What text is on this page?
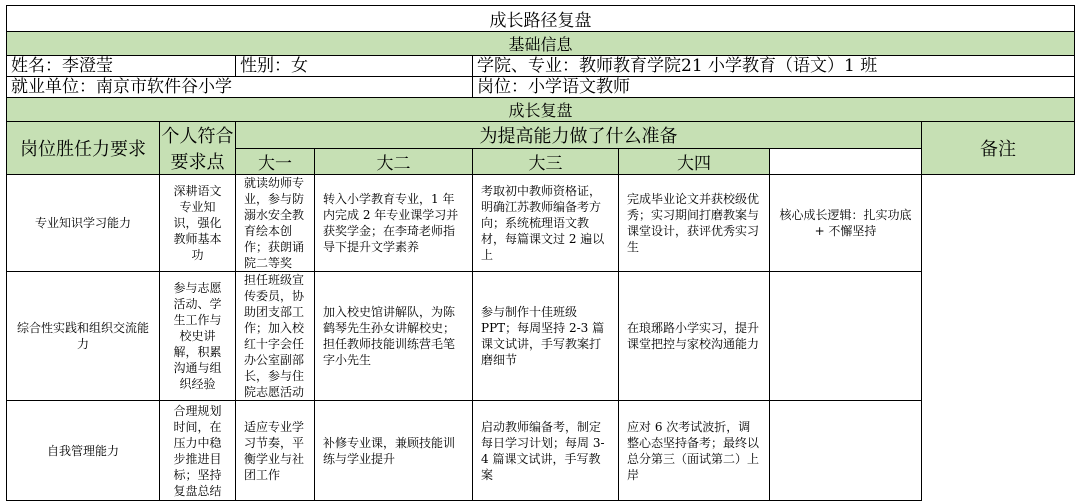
成长路径复盘							
基础信息							
姓名：李澄莹		性别：女		学院、专业：教师教育学院21 小学教育（语文）1 班			
就业单位：南京市软件谷小学				岗位：小学语文教师			
成长复盘							
岗位胜任力要求	个人符合要求点	为提高能力做了什么准备					备注
		大一	大二	大三	大四		

专业知识学习能力	深耕语文专业知识，强化教师基本功	就读幼师专业，参与防溺水安全教育绘本创作；获朗诵院二等奖	转入小学教育专业，1 年内完成 2 年专业课学习并获奖学金；在李琦老师指导下提升文学素养	考取初中教师资格证，明确江苏教师编备考方向；系统梳理语文教材，每篇课文过 2 遍以上	完成毕业论文并获校级优秀；实习期间打磨教案与课堂设计，获评优秀实习生	核心成长逻辑：扎实功底 + 不懈坚持	

综合性实践和组织交流能力	参与志愿活动、学生工作与校史讲解，积累沟通与组织经验	担任班级宣传委员，协助团支部工作；加入校红十字会任办公室副部长，参与住院志愿活动	加入校史馆讲解队，为陈鹤琴先生孙女讲解校史；担任教师技能训练营毛笔字小先生	参与制作十佳班级 PPT；每周坚持 2-3 篇课文试讲，手写教案打磨细节	在琅琊路小学实习，提升课堂把控与家校沟通能力		

自我管理能力	合理规划时间，在压力中稳步推进目标；坚持复盘总结	适应专业学习节奏，平衡学业与社团工作	补修专业课，兼顾技能训练与学业提升	启动教师编备考，制定每日学习计划；每周 3-4 篇课文试讲，手写教案	应对 6 次考试波折，调整心态坚持备考；最终以总分第三（面试第二）上岸		
